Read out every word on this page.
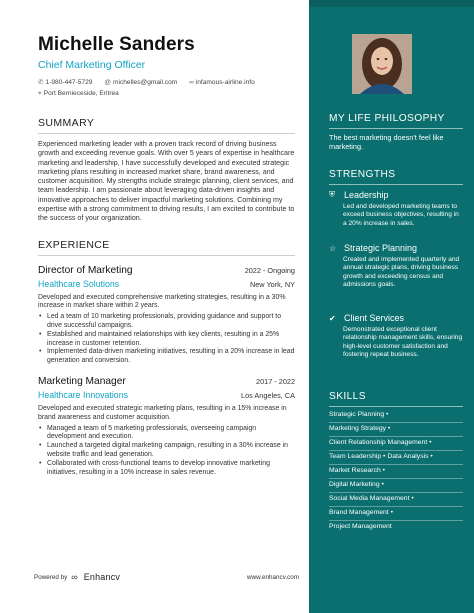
Michelle Sanders
Chief Marketing Officer
✆ 1-980-447-5729 @ michelles@gmail.com ∞ infamous-airline.info
⌖ Port Bernieceside, Eritrea
SUMMARY
Experienced marketing leader with a proven track record of driving business growth and exceeding revenue goals. With over 5 years of expertise in healthcare marketing and leadership, I have successfully developed and executed strategic marketing plans resulting in increased market share, brand awareness, and customer acquisition. My strengths include strategic planning, client services, and team leadership. I am passionate about leveraging data-driven insights and innovative approaches to deliver impactful marketing solutions. Combining my expertise with a strong commitment to driving results, I am excited to contribute to the success of your organization.
EXPERIENCE
Director of Marketing	2022 - Ongoing
Healthcare Solutions	New York, NY
Developed and executed comprehensive marketing strategies, resulting in a 30% increase in market share within 2 years.
• Led a team of 10 marketing professionals, providing guidance and support to drive successful campaigns.
• Established and maintained relationships with key clients, resulting in a 25% increase in customer retention.
• Implemented data-driven marketing initiatives, resulting in a 20% increase in lead generation and conversion.
Marketing Manager	2017 - 2022
Healthcare Innovations	Los Angeles, CA
Developed and executed strategic marketing plans, resulting in a 15% increase in brand awareness and customer acquisition.
• Managed a team of 5 marketing professionals, overseeing campaign development and execution.
• Launched a targeted digital marketing campaign, resulting in a 30% increase in website traffic and lead generation.
• Collaborated with cross-functional teams to develop innovative marketing initiatives, resulting in a 10% increase in sales revenue.
MY LIFE PHILOSOPHY
The best marketing doesn't feel like marketing.
STRENGTHS
⛨	Leadership
Led and developed marketing teams to exceed business objectives, resulting in a 20% increase in sales.
☆ Strategic Planning
Created and implemented quarterly and annual strategic plans, driving business growth and exceeding census and admissions goals.
✔ Client Services
Demonstrated exceptional client relationship management skills, ensuring high-level customer satisfaction and fostering repeat business.
SKILLS
Strategic Planning •
Marketing Strategy •
Client Relationship Management •
Team Leadership • Data Analysis •
Market Research •
Digital Marketing •
Social Media Management •
Brand Management •
Project Management
Powered by ∞ Enhancv	www.enhancv.com
